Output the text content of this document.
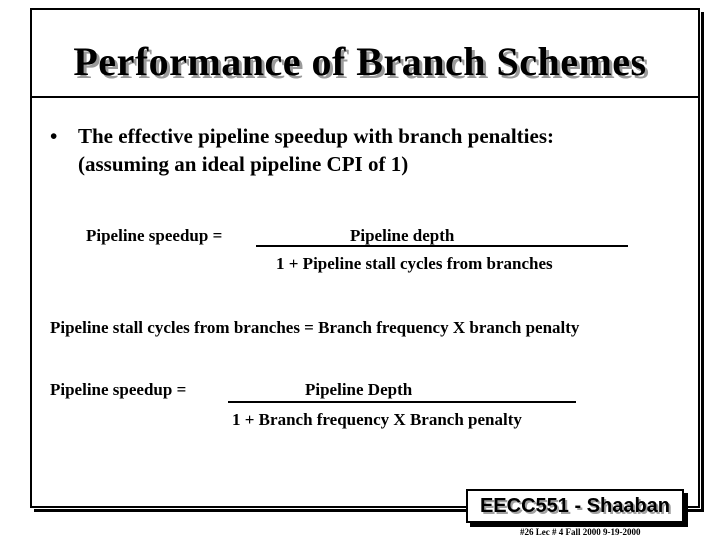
Performance of Branch Schemes
• The effective pipeline speedup with branch penalties:
(assuming an ideal pipeline CPI of 1)
Pipeline speedup =	Pipeline depth
1 + Pipeline stall cycles from branches
Pipeline stall cycles from branches = Branch frequency X branch penalty
Pipeline speedup =	Pipeline Depth
1 + Branch frequency X Branch penalty
EECC551 - Shaaban
#26 Lec # 4 Fall 2000 9-19-2000
